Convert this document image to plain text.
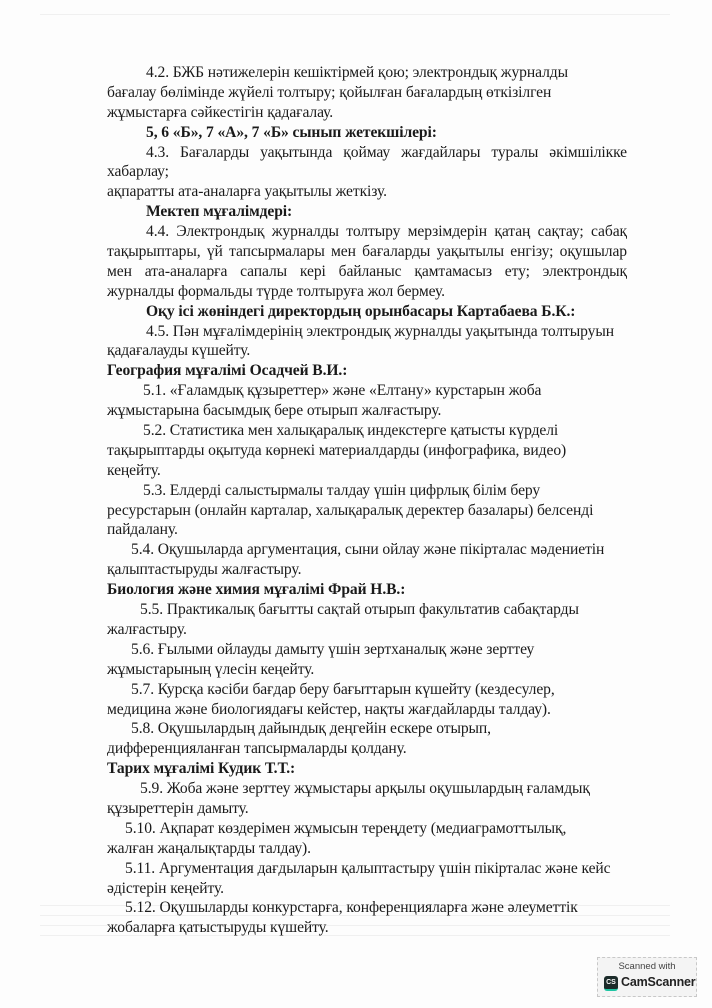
4.2. БЖБ нәтижелерін кешіктірмей қою; электрондық журналды
бағалау бөлімінде жүйелі толтыру; қойылған бағалардың өткізілген
жұмыстарға сәйкестігін қадағалау.
5, 6 «Б», 7 «А», 7 «Б» сынып жетекшілері:
4.3. Бағаларды уақытында қоймау жағдайлары туралы әкімшілікке
хабарлау;
ақпаратты ата-аналарға уақытылы жеткізу.
Мектеп мұғалімдері:
4.4. Электрондық журналды толтыру мерзімдерін қатаң сақтау; сабақ
тақырыптары, үй тапсырмалары мен бағаларды уақытылы енгізу; оқушылар
мен ата-аналарға сапалы кері байланыс қамтамасыз ету; электрондық
журналды формальды түрде толтыруға жол бермеу.
Оқу ісі жөніндегі директордың орынбасары Картабаева Б.К.:
4.5. Пән мұғалімдерінің электрондық журналды уақытында толтыруын
қадағалауды күшейту.
География мұғалімі Осадчей В.И.:
5.1. «Ғаламдық құзыреттер» және «Елтану» курстарын жоба
жұмыстарына басымдық бере отырып жалғастыру.
5.2. Статистика мен халықаралық индекстерге қатысты күрделі
тақырыптарды оқытуда көрнекі материалдарды (инфографика, видео)
кеңейту.
5.3. Елдерді салыстырмалы талдау үшін цифрлық білім беру
ресурстарын (онлайн карталар, халықаралық деректер базалары) белсенді
пайдалану.
5.4. Оқушыларда аргументация, сыни ойлау және пікірталас мәдениетін
қалыптастыруды жалғастыру.
Биология және химия мұғалімі Фрай Н.В.:
5.5. Практикалық бағытты сақтай отырып факультатив сабақтарды
жалғастыру.
5.6. Ғылыми ойлауды дамыту үшін зертханалық және зерттеу
жұмыстарының үлесін кеңейту.
5.7. Курсқа кәсіби бағдар беру бағыттарын күшейту (кездесулер,
медицина және биологиядағы кейстер, нақты жағдайларды талдау).
5.8. Оқушылардың дайындық деңгейін ескере отырып,
дифференцияланған тапсырмаларды қолдану.
Тарих мұғалімі Кудик Т.Т.:
5.9. Жоба және зерттеу жұмыстары арқылы оқушылардың ғаламдық
құзыреттерін дамыту.
5.10. Ақпарат көздерімен жұмысын тереңдету (медиаграмоттылық,
жалған жаңалықтарды талдау).
5.11. Аргументация дағдыларын қалыптастыру үшін пікірталас және кейс
әдістерін кеңейту.
5.12. Оқушыларды конкурстарға, конференцияларға және әлеуметтік
жобаларға қатыстыруды күшейту.
Scanned with
CS CamScanner
